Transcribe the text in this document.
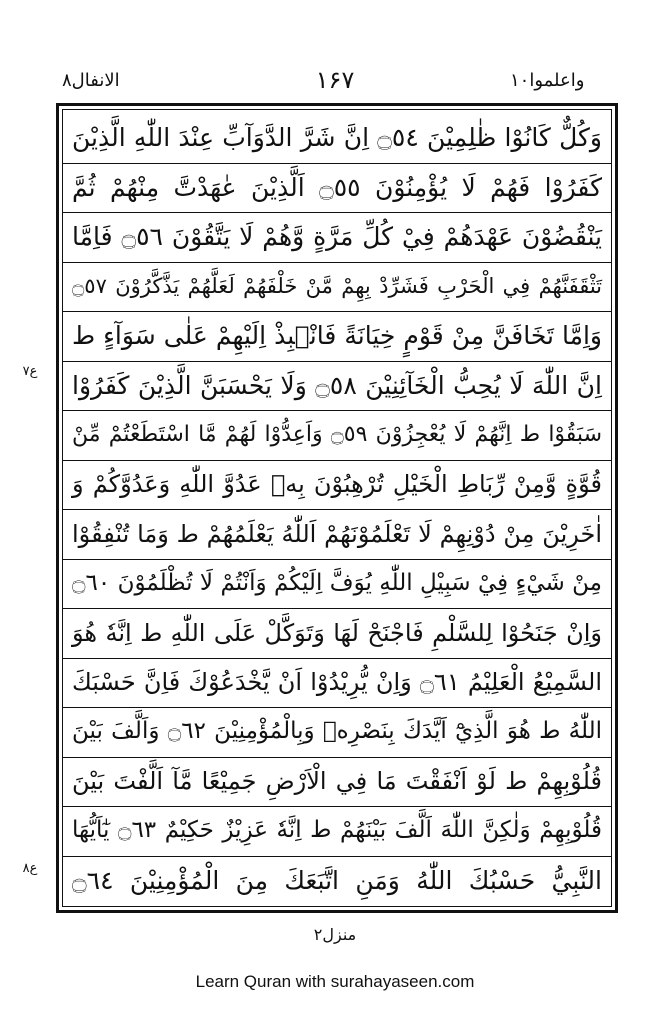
واعلموا۱۰
۱۶۷
الانفال۸
ع۷
ع۸
وَكُلٌّ كَانُوْا ظٰلِمِيْنَ ۝٥٤ اِنَّ شَرَّ الدَّوَآبِّ عِنْدَ اللّٰهِ الَّذِيْنَ
كَفَرُوْا فَهُمْ لَا يُؤْمِنُوْنَ ۝٥٥ اَلَّذِيْنَ عٰهَدْتَّ مِنْهُمْ ثُمَّ
يَنْقُضُوْنَ عَهْدَهُمْ فِيْ كُلِّ مَرَّةٍ وَّهُمْ لَا يَتَّقُوْنَ ۝٥٦ فَاِمَّا
تَثْقَفَنَّهُمْ فِي الْحَرْبِ فَشَرِّدْ بِهِمْ مَّنْ خَلْفَهُمْ لَعَلَّهُمْ يَذَّكَّرُوْنَ ۝٥٧
وَاِمَّا تَخَافَنَّ مِنْ قَوْمٍ خِيَانَةً فَانْۢبِذْ اِلَيْهِمْ عَلٰى سَوَآءٍ ط
اِنَّ اللّٰهَ لَا يُحِبُّ الْخَآئِنِيْنَ ۝٥٨ وَلَا يَحْسَبَنَّ الَّذِيْنَ كَفَرُوْا
سَبَقُوْا ط اِنَّهُمْ لَا يُعْجِزُوْنَ ۝٥٩ وَاَعِدُّوْا لَهُمْ مَّا اسْتَطَعْتُمْ مِّنْ
قُوَّةٍ وَّمِنْ رِّبَاطِ الْخَيْلِ تُرْهِبُوْنَ بِهٖ عَدُوَّ اللّٰهِ وَعَدُوَّكُمْ وَ
اٰخَرِيْنَ مِنْ دُوْنِهِمْ لَا تَعْلَمُوْنَهُمْ اَللّٰهُ يَعْلَمُهُمْ ط وَمَا تُنْفِقُوْا
مِنْ شَيْءٍ فِيْ سَبِيْلِ اللّٰهِ يُوَفَّ اِلَيْكُمْ وَاَنْتُمْ لَا تُظْلَمُوْنَ ۝٦٠
وَاِنْ جَنَحُوْا لِلسَّلْمِ فَاجْنَحْ لَهَا وَتَوَكَّلْ عَلَى اللّٰهِ ط اِنَّهٗ هُوَ
السَّمِيْعُ الْعَلِيْمُ ۝٦١ وَاِنْ يُّرِيْدُوْا اَنْ يَّخْدَعُوْكَ فَاِنَّ حَسْبَكَ
اللّٰهُ ط هُوَ الَّذِيْٓ اَيَّدَكَ بِنَصْرِهٖ وَبِالْمُؤْمِنِيْنَ ۝٦٢ وَاَلَّفَ بَيْنَ
قُلُوْبِهِمْ ط لَوْ اَنْفَقْتَ مَا فِي الْاَرْضِ جَمِيْعًا مَّآ اَلَّفْتَ بَيْنَ
قُلُوْبِهِمْ وَلٰكِنَّ اللّٰهَ اَلَّفَ بَيْنَهُمْ ط اِنَّهٗ عَزِيْزٌ حَكِيْمٌ ۝٦٣ يٰٓاَيُّهَا
النَّبِيُّ حَسْبُكَ اللّٰهُ وَمَنِ اتَّبَعَكَ مِنَ الْمُؤْمِنِيْنَ ۝٦٤
منزل۲
Learn Quran with surahayaseen.com
